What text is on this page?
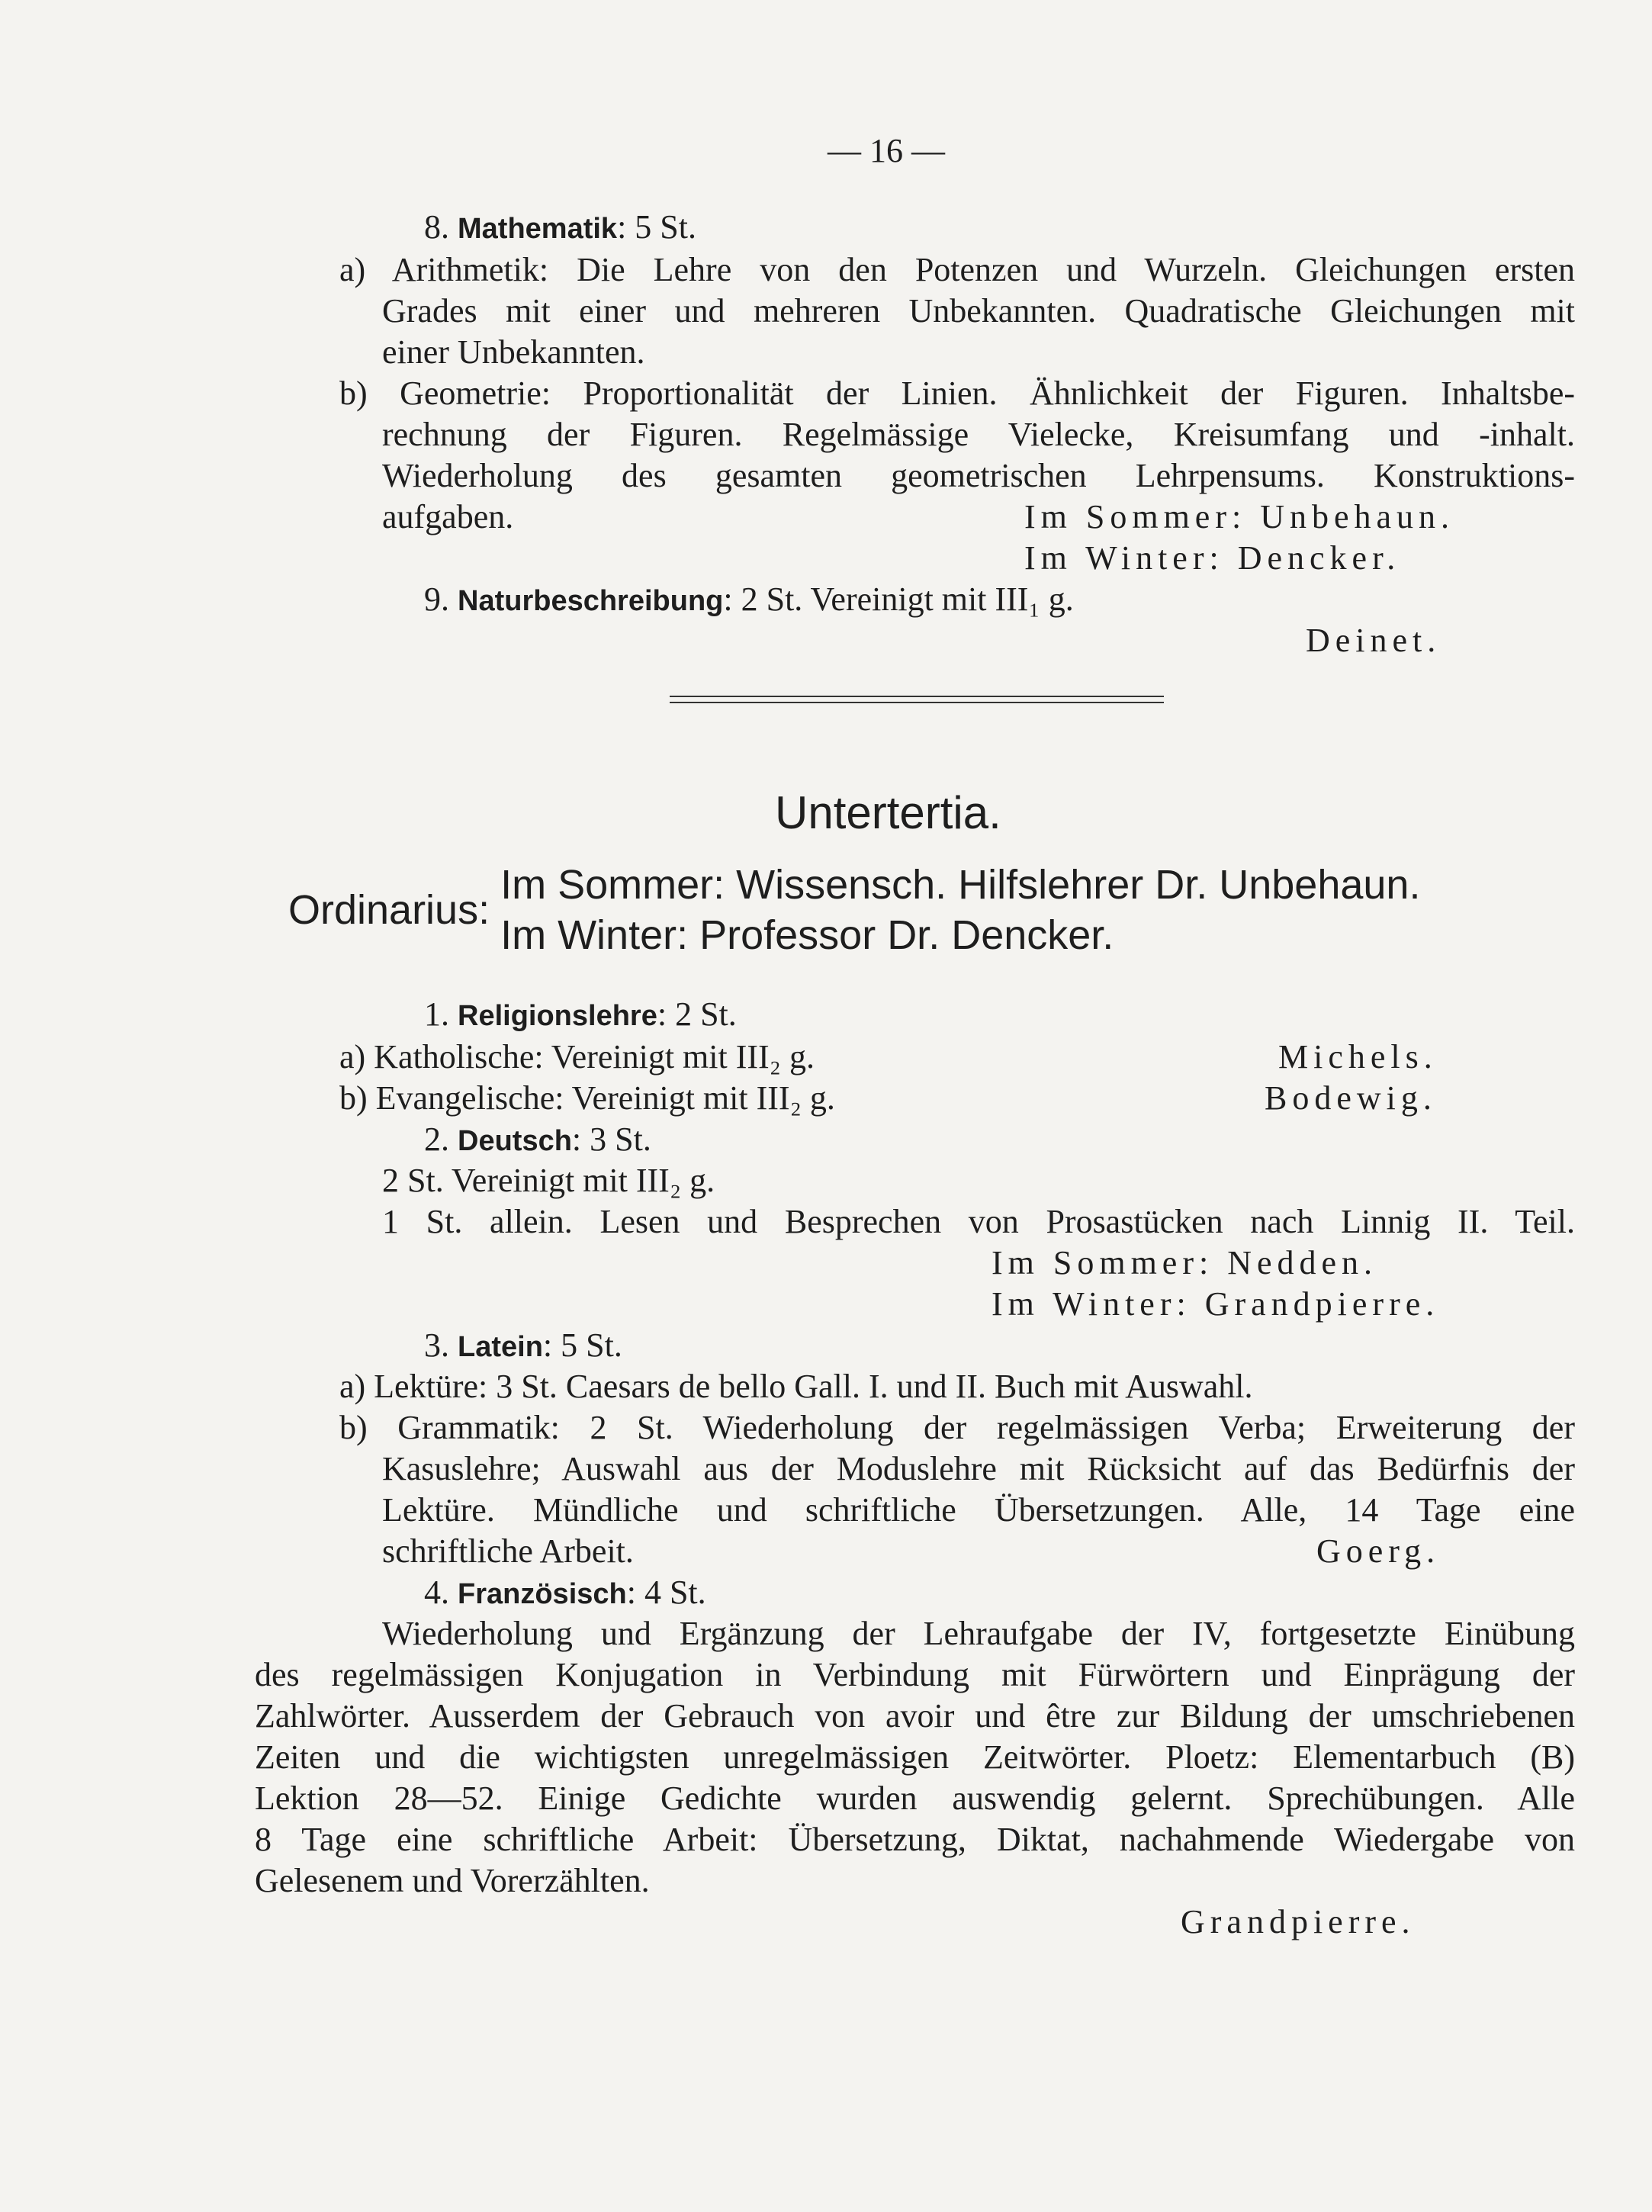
— 16 —
8. Mathematik: 5 St.
a) Arithmetik: Die Lehre von den Potenzen und Wurzeln. Gleichungen ersten
Grades mit einer und mehreren Unbekannten. Quadratische Gleichungen mit
einer Unbekannten.
b) Geometrie: Proportionalität der Linien. Ähnlichkeit der Figuren. Inhaltsbe-
rechnung der Figuren. Regelmässige Vielecke, Kreisumfang und -inhalt.
Wiederholung des gesamten geometrischen Lehrpensums. Konstruktions-
aufgaben.	Im Sommer: Unbehaun.
Im Winter: Dencker.
9. Naturbeschreibung: 2 St. Vereinigt mit III₁ g.
Deinet.
Untertertia.
Ordinarius:
Im Sommer: Wissensch. Hilfslehrer Dr. Unbehaun.
Im Winter: Professor Dr. Dencker.
1. Religionslehre: 2 St.
a) Katholische: Vereinigt mit III₂ g.	Michels.
b) Evangelische: Vereinigt mit III₂ g.	Bodewig.
2. Deutsch: 3 St.
2 St. Vereinigt mit III₂ g.
1 St. allein. Lesen und Besprechen von Prosastücken nach Linnig II. Teil.
Im Sommer: Nedden.
Im Winter: Grandpierre.
3. Latein: 5 St.
a) Lektüre: 3 St. Caesars de bello Gall. I. und II. Buch mit Auswahl.
b) Grammatik: 2 St. Wiederholung der regelmässigen Verba; Erweiterung der
Kasuslehre; Auswahl aus der Moduslehre mit Rücksicht auf das Bedürfnis der
Lektüre. Mündliche und schriftliche Übersetzungen. Alle, 14 Tage eine
schriftliche Arbeit.	Goerg.
4. Französisch: 4 St.
Wiederholung und Ergänzung der Lehraufgabe der IV, fortgesetzte Einübung
des regelmässigen Konjugation in Verbindung mit Fürwörtern und Einprägung der
Zahlwörter. Ausserdem der Gebrauch von avoir und être zur Bildung der umschriebenen
Zeiten und die wichtigsten unregelmässigen Zeitwörter. Ploetz: Elementarbuch (B)
Lektion 28—52. Einige Gedichte wurden auswendig gelernt. Sprechübungen. Alle
8 Tage eine schriftliche Arbeit: Übersetzung, Diktat, nachahmende Wiedergabe von
Gelesenem und Vorerzählten.
Grandpierre.
